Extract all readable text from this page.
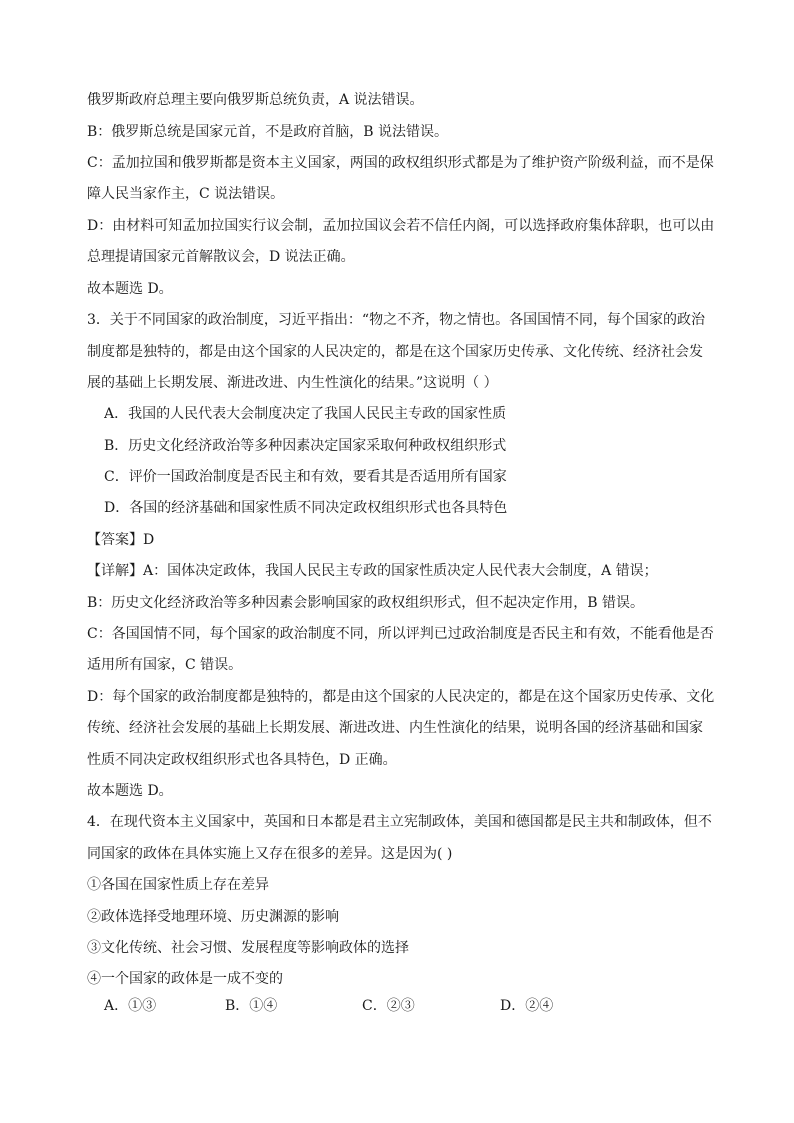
俄罗斯政府总理主要向俄罗斯总统负责，A 说法错误。
B：俄罗斯总统是国家元首，不是政府首脑，B 说法错误。
C：孟加拉国和俄罗斯都是资本主义国家，两国的政权组织形式都是为了维护资产阶级利益，而不是保
障人民当家作主，C 说法错误。
D：由材料可知孟加拉国实行议会制，孟加拉国议会若不信任内阁，可以选择政府集体辞职，也可以由
总理提请国家元首解散议会，D 说法正确。
故本题选 D。
3．关于不同国家的政治制度，习近平指出：“物之不齐，物之情也。各国国情不同，每个国家的政治
制度都是独特的，都是由这个国家的人民决定的，都是在这个国家历史传承、文化传统、经济社会发
展的基础上长期发展、渐进改进、内生性演化的结果。”这说明（ ）
A．我国的人民代表大会制度决定了我国人民民主专政的国家性质
B．历史文化经济政治等多种因素决定国家采取何种政权组织形式
C．评价一国政治制度是否民主和有效，要看其是否适用所有国家
D．各国的经济基础和国家性质不同决定政权组织形式也各具特色
【答案】D
【详解】A：国体决定政体，我国人民民主专政的国家性质决定人民代表大会制度，A 错误；
B：历史文化经济政治等多种因素会影响国家的政权组织形式，但不起决定作用，B 错误。
C：各国国情不同，每个国家的政治制度不同，所以评判已过政治制度是否民主和有效，不能看他是否
适用所有国家，C 错误。
D：每个国家的政治制度都是独特的，都是由这个国家的人民决定的，都是在这个国家历史传承、文化
传统、经济社会发展的基础上长期发展、渐进改进、内生性演化的结果，说明各国的经济基础和国家
性质不同决定政权组织形式也各具特色，D 正确。
故本题选 D。
4．在现代资本主义国家中，英国和日本都是君主立宪制政体，美国和德国都是民主共和制政体，但不
同国家的政体在具体实施上又存在很多的差异。这是因为( )
①各国在国家性质上存在差异
②政体选择受地理环境、历史渊源的影响
③文化传统、社会习惯、发展程度等影响政体的选择
④一个国家的政体是一成不变的
A．①③	B．①④	C．②③	D．②④
